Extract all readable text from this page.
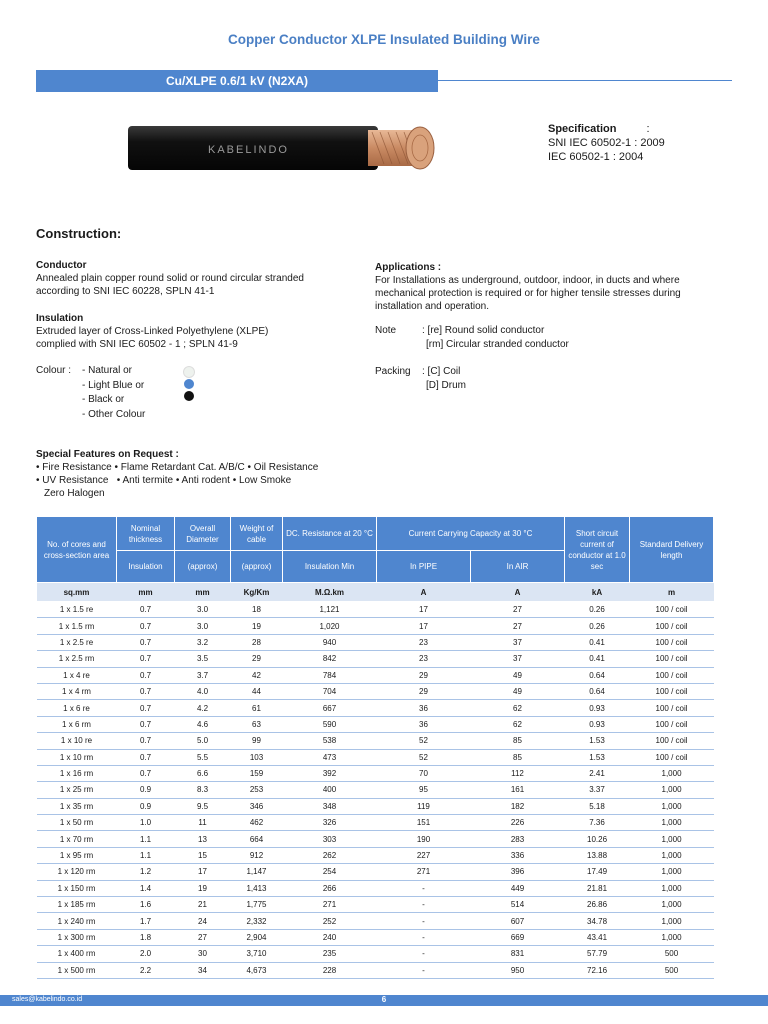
Copper Conductor XLPE Insulated Building Wire
Cu/XLPE 0.6/1 kV (N2XA)
KABELINDO
Specification	:
SNI IEC 60502-1 : 2009
IEC 60502-1 : 2004
Construction:
Conductor
Annealed plain copper round solid or round circular stranded
according to SNI IEC 60228, SPLN 41-1
Insulation
Extruded layer of Cross-Linked Polyethylene (XLPE)
complied with SNI IEC 60502 - 1 ; SPLN 41-9
Colour : - Natural or
- Light Blue or
- Black or
- Other Colour
Applications :
For Installations as underground, outdoor, indoor, in ducts and where
mechanical protection is required or for higher tensile stresses during
installation and operation.
Note	: [re] Round solid conductor
[rm] Circular stranded conductor
Packing : [C] Coil
[D] Drum
Special Features on Request :
• Fire Resistance • Flame Retardant Cat. A/B/C • Oil Resistance
• UV Resistance   • Anti termite • Anti rodent • Low Smoke
Zero Halogen
No. of cores and cross-section area	Nominal thickness	Overall Diameter	Weight of cable	DC. Resistance at 20 °C	Current Carrying Capacity at 30 °C		Short circuit current of conductor at 1.0 sec	Standard Delivery length
	Insulation	(approx)	(approx)	Insulation Min	In PIPE	In AIR		
sq.mm	mm	mm	Kg/Km	M.Ω.km	A	A	kA	m
1 x 1.5 re	0.7	3.0	18	1,121	17	27	0.26	100 / coil
1 x 1.5 rm	0.7	3.0	19	1,020	17	27	0.26	100 / coil
1 x 2.5 re	0.7	3.2	28	940	23	37	0.41	100 / coil
1 x 2.5 rm	0.7	3.5	29	842	23	37	0.41	100 / coil
1 x 4 re	0.7	3.7	42	784	29	49	0.64	100 / coil
1 x 4 rm	0.7	4.0	44	704	29	49	0.64	100 / coil
1 x 6 re	0.7	4.2	61	667	36	62	0.93	100 / coil
1 x 6 rm	0.7	4.6	63	590	36	62	0.93	100 / coil
1 x 10 re	0.7	5.0	99	538	52	85	1.53	100 / coil
1 x 10 rm	0.7	5.5	103	473	52	85	1.53	100 / coil
1 x 16 rm	0.7	6.6	159	392	70	112	2.41	1,000
1 x 25 rm	0.9	8.3	253	400	95	161	3.37	1,000
1 x 35 rm	0.9	9.5	346	348	119	182	5.18	1,000
1 x 50 rm	1.0	11	462	326	151	226	7.36	1,000
1 x 70 rm	1.1	13	664	303	190	283	10.26	1,000
1 x 95 rm	1.1	15	912	262	227	336	13.88	1,000
1 x 120 rm	1.2	17	1,147	254	271	396	17.49	1,000
1 x 150 rm	1.4	19	1,413	266	-	449	21.81	1,000
1 x 185 rm	1.6	21	1,775	271	-	514	26.86	1,000
1 x 240 rm	1.7	24	2,332	252	-	607	34.78	1,000
1 x 300 rm	1.8	27	2,904	240	-	669	43.41	1,000
1 x 400 rm	2.0	30	3,710	235	-	831	57.79	500
1 x 500 rm	2.2	34	4,673	228	-	950	72.16	500
sales@kabelindo.co.id	6
